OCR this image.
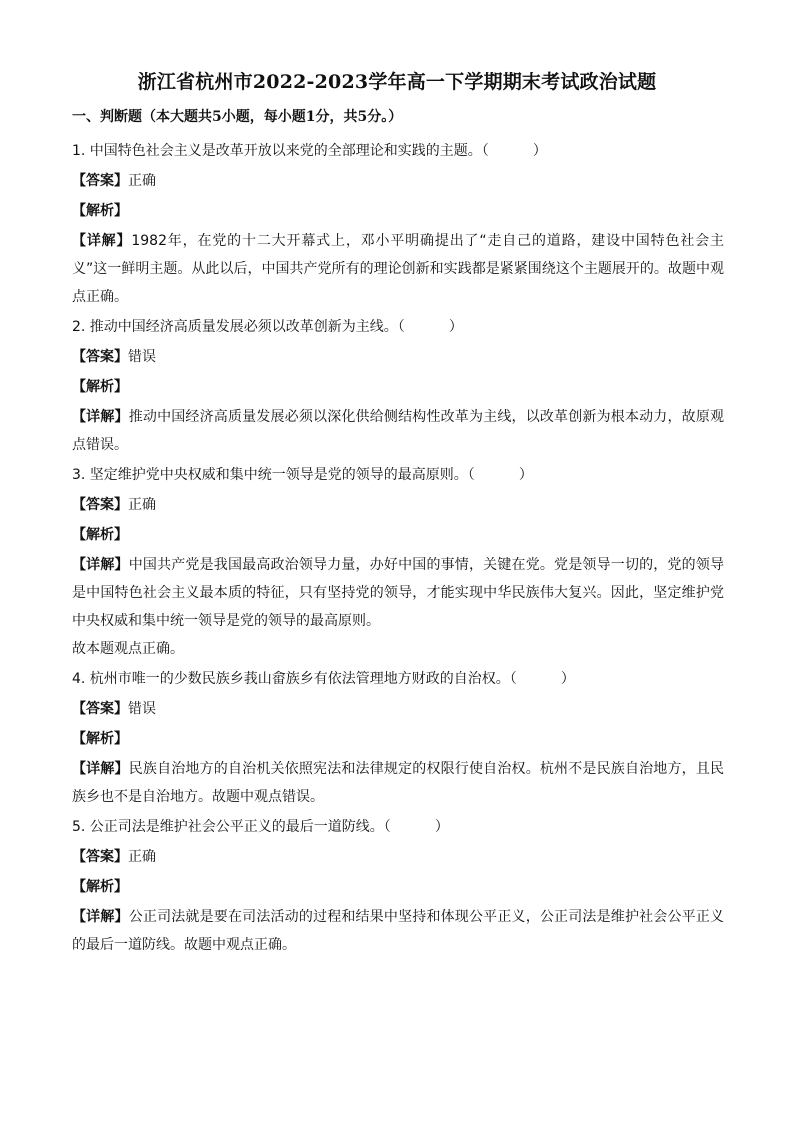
浙江省杭州市2022-2023学年高一下学期期末考试政治试题
一、判断题（本大题共5小题，每小题1分，共5分。）
1. 中国特色社会主义是改革开放以来党的全部理论和实践的主题。（	）
【答案】正确
【解析】
【详解】1982年，在党的十二大开幕式上，邓小平明确提出了“走自己的道路，建设中国特色社会主义”这一鲜明主题。从此以后，中国共产党所有的理论创新和实践都是紧紧围绕这个主题展开的。故题中观点正确。
2. 推动中国经济高质量发展必须以改革创新为主线。（	）
【答案】错误
【解析】
【详解】推动中国经济高质量发展必须以深化供给侧结构性改革为主线，以改革创新为根本动力，故原观点错误。
3. 坚定维护党中央权威和集中统一领导是党的领导的最高原则。（	）
【答案】正确
【解析】
【详解】中国共产党是我国最高政治领导力量，办好中国的事情，关键在党。党是领导一切的，党的领导是中国特色社会主义最本质的特征，只有坚持党的领导，才能实现中华民族伟大复兴。因此，坚定维护党中央权威和集中统一领导是党的领导的最高原则。
故本题观点正确。
4. 杭州市唯一的少数民族乡莪山畲族乡有依法管理地方财政的自治权。（	）
【答案】错误
【解析】
【详解】民族自治地方的自治机关依照宪法和法律规定的权限行使自治权。杭州不是民族自治地方，且民族乡也不是自治地方。故题中观点错误。
5. 公正司法是维护社会公平正义的最后一道防线。（	）
【答案】正确
【解析】
【详解】公正司法就是要在司法活动的过程和结果中坚持和体现公平正义，公正司法是维护社会公平正义的最后一道防线。故题中观点正确。
